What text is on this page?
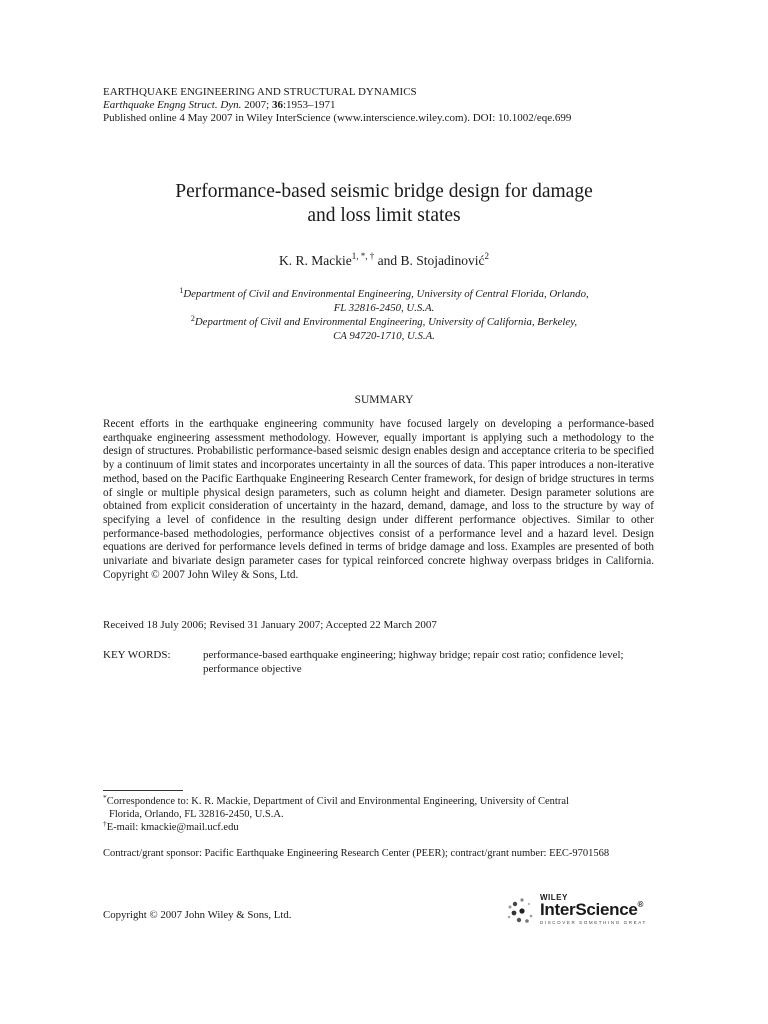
EARTHQUAKE ENGINEERING AND STRUCTURAL DYNAMICS
Earthquake Engng Struct. Dyn. 2007; 36:1953–1971
Published online 4 May 2007 in Wiley InterScience (www.interscience.wiley.com). DOI: 10.1002/eqe.699
Performance-based seismic bridge design for damage
and loss limit states
K. R. Mackie$^{1, *, \dagger}$ and B. Stojadinović$^2$
$^1$Department of Civil and Environmental Engineering, University of Central Florida, Orlando,
FL 32816-2450, U.S.A.
$^2$Department of Civil and Environmental Engineering, University of California, Berkeley,
CA 94720-1710, U.S.A.
SUMMARY
Recent efforts in the earthquake engineering community have focused largely on developing a performance-based earthquake engineering assessment methodology. However, equally important is applying such a methodology to the design of structures. Probabilistic performance-based seismic design enables design and acceptance criteria to be specified by a continuum of limit states and incorporates uncertainty in all the sources of data. This paper introduces a non-iterative method, based on the Pacific Earthquake Engineering Research Center framework, for design of bridge structures in terms of single or multiple physical design parameters, such as column height and diameter. Design parameter solutions are obtained from explicit consideration of uncertainty in the hazard, demand, damage, and loss to the structure by way of specifying a level of confidence in the resulting design under different performance objectives. Similar to other performance-based methodologies, performance objectives consist of a performance level and a hazard level. Design equations are derived for performance levels defined in terms of bridge damage and loss. Examples are presented of both univariate and bivariate design parameter cases for typical reinforced concrete highway overpass bridges in California. Copyright © 2007 John Wiley & Sons, Ltd.
Received 18 July 2006; Revised 31 January 2007; Accepted 22 March 2007
KEY WORDS:	performance-based earthquake engineering; highway bridge; repair cost ratio; confidence level; performance objective

*Correspondence to: K. R. Mackie, Department of Civil and Environmental Engineering, University of Central

Florida, Orlando, FL 32816-2450, U.S.A.

†E-mail: kmackie@mail.ucf.edu

Contract/grant sponsor: Pacific Earthquake Engineering Research Center (PEER); contract/grant number: EEC-9701568
Copyright © 2007 John Wiley & Sons, Ltd.
WILEY
InterScience®
DISCOVER SOMETHING GREAT
